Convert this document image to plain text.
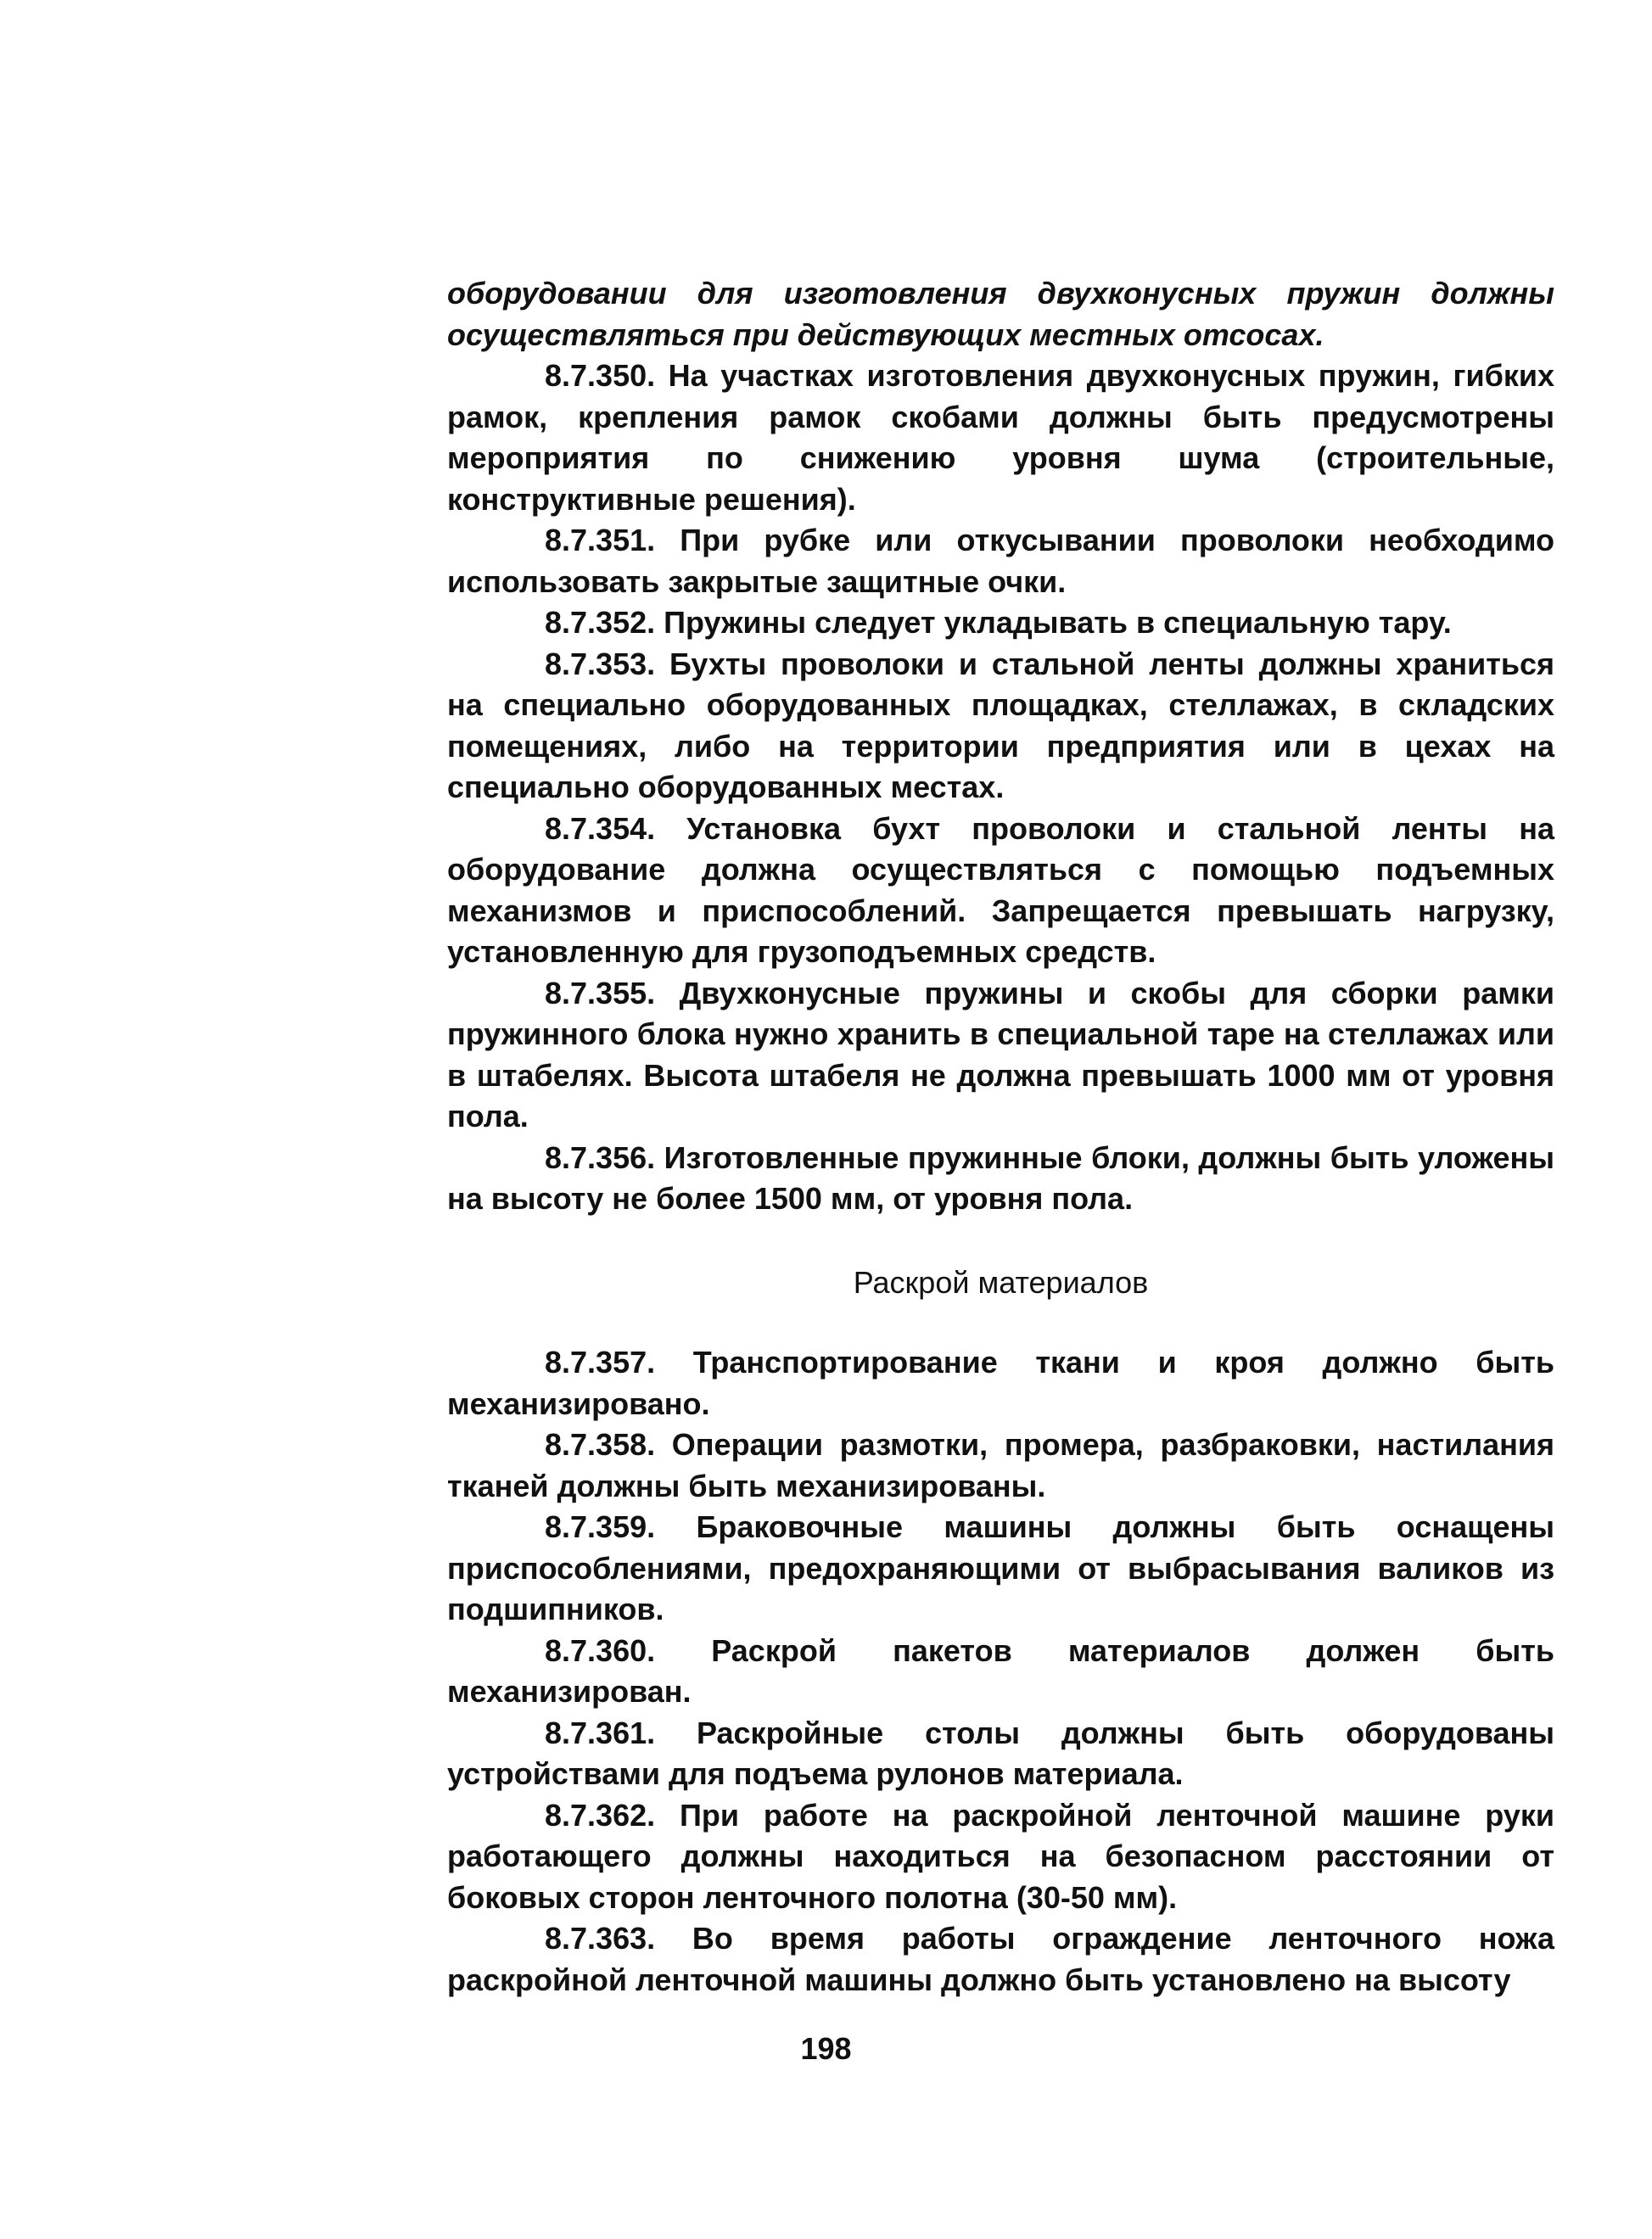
оборудовании для изготовления двухконусных пружин должны осуществляться при действующих местных отсосах.

8.7.350. На участках изготовления двухконусных пружин, гибких рамок, крепления рамок скобами должны быть предусмотрены мероприятия по снижению уровня шума (строительные, конструктивные решения).

8.7.351. При рубке или откусывании проволоки необходимо использовать закрытые защитные очки.

8.7.352. Пружины следует укладывать в специальную тару.

8.7.353. Бухты проволоки и стальной ленты должны храниться на специально оборудованных площадках, стеллажах, в складских помещениях, либо на территории предприятия или в цехах на специально оборудованных местах.

8.7.354. Установка бухт проволоки и стальной ленты на оборудование должна осуществляться с помощью подъемных механизмов и приспособлений. Запрещается превышать нагрузку, установленную для грузоподъемных средств.

8.7.355. Двухконусные пружины и скобы для сборки рамки пружинного блока нужно хранить в специальной таре на стеллажах или в штабелях. Высота штабеля не должна превышать 1000 мм от уровня пола.

8.7.356. Изготовленные пружинные блоки, должны быть уложены на высоту не более 1500 мм, от уровня пола.

Раскрой материалов

8.7.357. Транспортирование ткани и кроя должно быть механизировано.

8.7.358. Операции размотки, промера, разбраковки, настилания тканей должны быть механизированы.

8.7.359. Браковочные машины должны быть оснащены приспособлениями, предохраняющими от выбрасывания валиков из подшипников.

8.7.360. Раскрой пакетов материалов должен быть механизирован.

8.7.361. Раскройные столы должны быть оборудованы устройствами для подъема рулонов материала.

8.7.362. При работе на раскройной ленточной машине руки работающего должны находиться на безопасном расстоянии от боковых сторон ленточного полотна (30-50 мм).

8.7.363. Во время работы ограждение ленточного ножа раскройной ленточной машины должно быть установлено на высоту

198
